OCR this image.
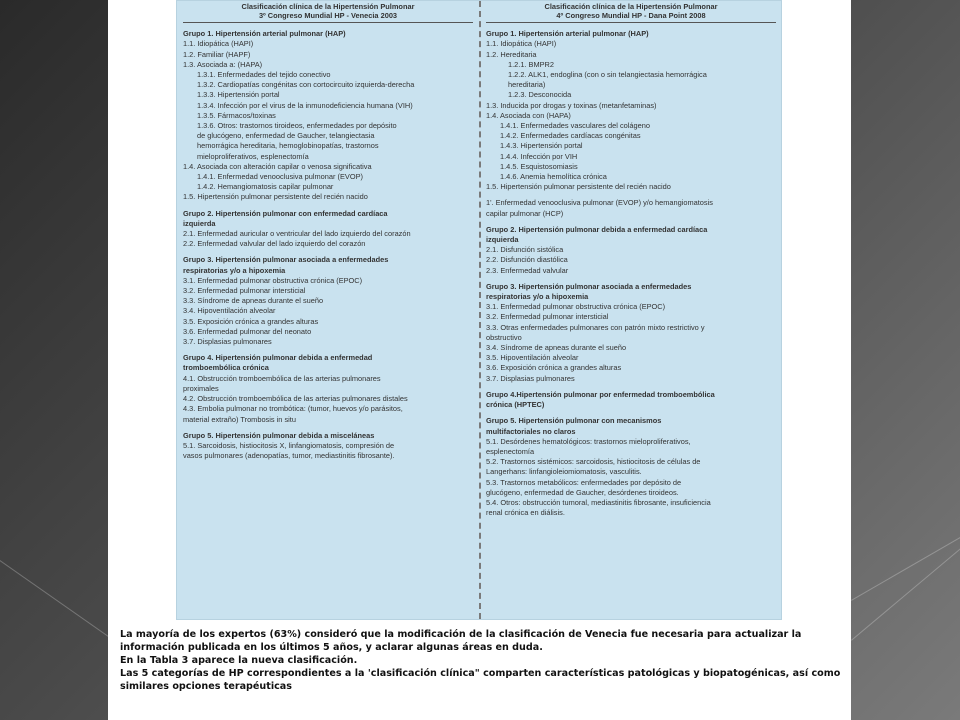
Clasificación clínica de la Hipertensión Pulmonar
3º Congreso Mundial HP - Venecia 2003
Grupo 1. Hipertensión arterial pulmonar (HAP)
1.1. Idiopática (HAPI)
1.2. Familiar (HAPF)
1.3. Asociada a: (HAPA)
1.3.1. Enfermedades del tejido conectivo
1.3.2. Cardiopatías congénitas con cortocircuito izquierda-derecha
1.3.3. Hipertensión portal
1.3.4. Infección por el virus de la inmunodeficiencia humana (VIH)
1.3.5. Fármacos/toxinas
1.3.6. Otros: trastornos tiroideos, enfermedades por depósito
de glucógeno, enfermedad de Gaucher, telangiectasia
hemorrágica hereditaria, hemoglobinopatías, trastornos
mieloproliferativos, esplenectomía
1.4. Asociada con alteración capilar o venosa significativa
1.4.1. Enfermedad venooclusiva pulmonar (EVOP)
1.4.2. Hemangiomatosis capilar pulmonar
1.5. Hipertensión pulmonar persistente del recién nacido
Grupo 2. Hipertensión pulmonar con enfermedad cardíaca
izquierda
2.1. Enfermedad auricular o ventricular del lado izquierdo del corazón
2.2. Enfermedad valvular del lado izquierdo del corazón
Grupo 3. Hipertensión pulmonar asociada a enfermedades
respiratorias y/o a hipoxemia
3.1. Enfermedad pulmonar obstructiva crónica (EPOC)
3.2. Enfermedad pulmonar intersticial
3.3. Síndrome de apneas durante el sueño
3.4. Hipoventilación alveolar
3.5. Exposición crónica a grandes alturas
3.6. Enfermedad pulmonar del neonato
3.7. Displasias pulmonares
Grupo 4. Hipertensión pulmonar debida a enfermedad
tromboembólica crónica
4.1. Obstrucción tromboembólica de las arterias pulmonares
proximales
4.2. Obstrucción tromboembólica de las arterias pulmonares distales
4.3. Embolia pulmonar no trombótica: (tumor, huevos y/o parásitos,
material extraño) Trombosis in situ
Grupo 5. Hipertensión pulmonar debida a misceláneas
5.1. Sarcoidosis, histiocitosis X, linfangiomatosis, compresión de
vasos pulmonares (adenopatías, tumor, mediastinitis fibrosante).
Clasificación clínica de la Hipertensión Pulmonar
4º Congreso Mundial HP - Dana Point 2008
Grupo 1. Hipertensión arterial pulmonar (HAP)
1.1. Idiopática (HAPI)
1.2. Hereditaria
1.2.1. BMPR2
1.2.2. ALK1, endoglina (con o sin telangiectasia hemorrágica
hereditaria)
1.2.3. Desconocida
1.3. Inducida por drogas y toxinas (metanfetaminas)
1.4. Asociada con (HAPA)
1.4.1. Enfermedades vasculares del colágeno
1.4.2. Enfermedades cardíacas congénitas
1.4.3. Hipertensión portal
1.4.4. Infección por VIH
1.4.5. Esquistosomiasis
1.4.6. Anemia hemolítica crónica
1.5. Hipertensión pulmonar persistente del recién nacido
1'. Enfermedad venooclusiva pulmonar (EVOP) y/o hemangiomatosis
capilar pulmonar (HCP)
Grupo 2. Hipertensión pulmonar debida a enfermedad cardíaca
izquierda
2.1. Disfunción sistólica
2.2. Disfunción diastólica
2.3. Enfermedad valvular
Grupo 3. Hipertensión pulmonar asociada a enfermedades
respiratorias y/o a hipoxemia
3.1. Enfermedad pulmonar obstructiva crónica (EPOC)
3.2. Enfermedad pulmonar intersticial
3.3. Otras enfermedades pulmonares con patrón mixto restrictivo y
obstructivo
3.4. Síndrome de apneas durante el sueño
3.5. Hipoventilación alveolar
3.6. Exposición crónica a grandes alturas
3.7. Displasias pulmonares
Grupo 4.Hipertensión pulmonar por enfermedad tromboembólica
crónica (HPTEC)
Grupo 5. Hipertensión pulmonar con mecanismos
multifactoriales no claros
5.1. Desórdenes hematológicos: trastornos mieloproliferativos,
esplenectomía
5.2. Trastornos sistémicos: sarcoidosis, histiocitosis de células de
Langerhans: linfangioleiomiomatosis, vasculitis.
5.3. Trastornos metabólicos: enfermedades por depósito de
glucógeno, enfermedad de Gaucher, desórdenes tiroideos.
5.4. Otros: obstrucción tumoral, mediastinitis fibrosante, insuficiencia
renal crónica en diálisis.

La mayoría de los expertos (63%) consideró que la modificación de la clasificación de Venecia fue necesaria para actualizar la información publicada en los últimos 5 años, y aclarar algunas áreas en duda.

En la Tabla 3 aparece la nueva clasificación.

Las 5 categorías de HP correspondientes a la 'clasificación clínica" comparten características patológicas y biopatogénicas, así como similares opciones terapéuticas
